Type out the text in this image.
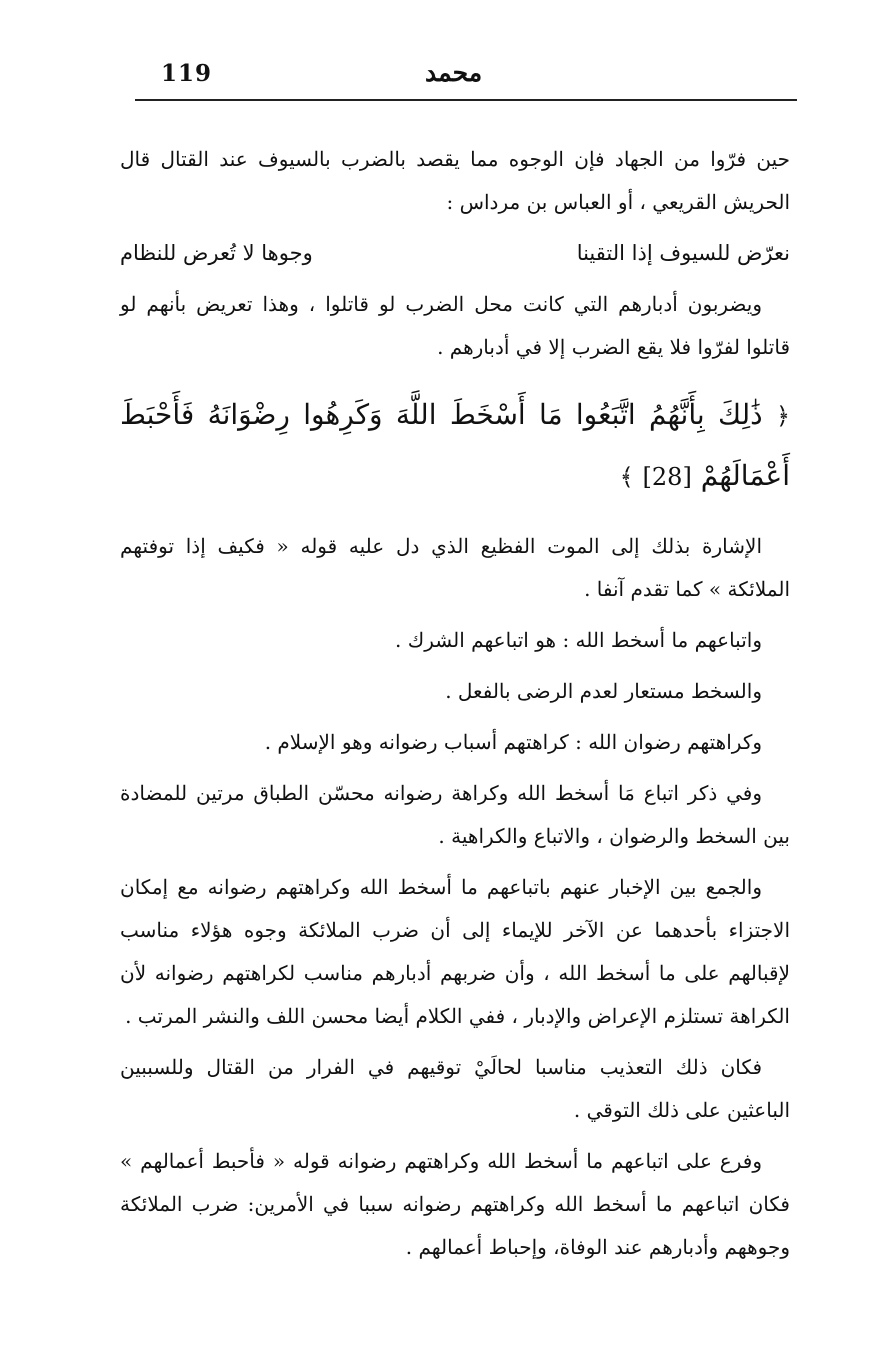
119	محمد

حين فرّوا من الجهاد فإن الوجوه مما يقصد بالضرب بالسيوف عند القتال قال الحريش القريعي ، أو العباس بن مرداس :

نعرّض للسيوف إذا التقينا
وجوها لا تُعرض للنظام

ويضربون أدبارهم التي كانت محل الضرب لو قاتلوا ، وهذا تعريض بأنهم لو قاتلوا لفرّوا فلا يقع الضرب إلا في أدبارهم .

﴿ ذَٰلِكَ بِأَنَّهُمُ اتَّبَعُوا مَا أَسْخَطَ اللَّهَ وَكَرِهُوا رِضْوَانَهُ فَأَحْبَطَ أَعْمَالَهُمْ [28] ﴾

الإشارة بذلك إلى الموت الفظيع الذي دل عليه قوله « فكيف إذا توفتهم الملائكة » كما تقدم آنفا .

واتباعهم ما أسخط الله : هو اتباعهم الشرك .

والسخط مستعار لعدم الرضى بالفعل .

وكراهتهم رضوان الله : كراهتهم أسباب رضوانه وهو الإسلام .

وفي ذكر اتباع مَا أسخط الله وكراهة رضوانه محسّن الطباق مرتين للمضادة بين السخط والرضوان ، والاتباع والكراهية .

والجمع بين الإخبار عنهم باتباعهم ما أسخط الله وكراهتهم رضوانه مع إمكان الاجتزاء بأحدهما عن الآخر للإيماء إلى أن ضرب الملائكة وجوه هؤلاء مناسب لإقبالهم على ما أسخط الله ، وأن ضربهم أدبارهم مناسب لكراهتهم رضوانه لأن الكراهة تستلزم الإعراض والإدبار ، ففي الكلام أيضا محسن اللف والنشر المرتب .

فكان ذلك التعذيب مناسبا لحالَيْ توقيهم في الفرار من القتال وللسببين الباعثين على ذلك التوقي .

وفرع على اتباعهم ما أسخط الله وكراهتهم رضوانه قوله « فأحبط أعمالهم » فكان اتباعهم ما أسخط الله وكراهتهم رضوانه سببا في الأمرين: ضرب الملائكة وجوههم وأدبارهم عند الوفاة، وإحباط أعمالهم .
